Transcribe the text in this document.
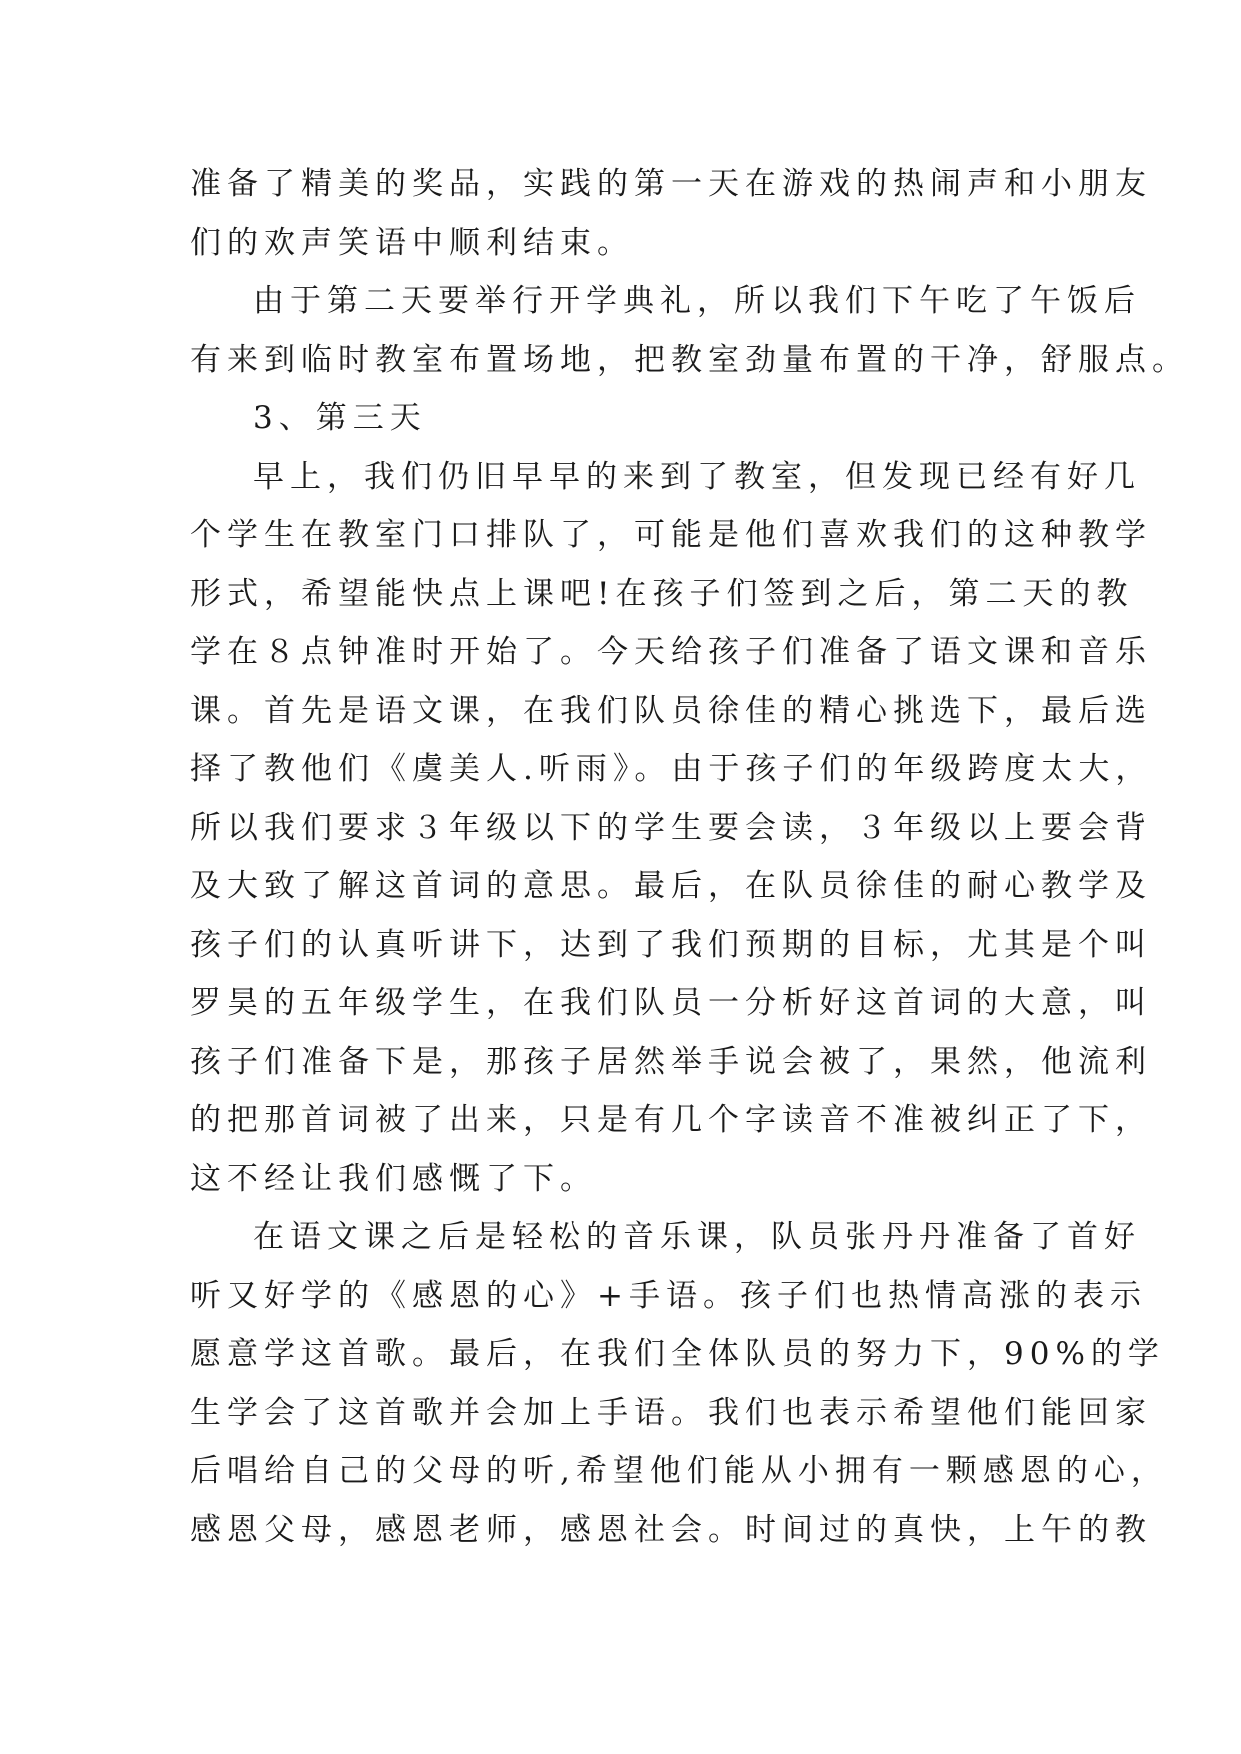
准备了精美的奖品，实践的第一天在游戏的热闹声和小朋友
们的欢声笑语中顺利结束。
由于第二天要举行开学典礼，所以我们下午吃了午饭后
有来到临时教室布置场地，把教室劲量布置的干净，舒服点。
3、第三天
早上，我们仍旧早早的来到了教室，但发现已经有好几
个学生在教室门口排队了，可能是他们喜欢我们的这种教学
形式，希望能快点上课吧!在孩子们签到之后，第二天的教
学在８点钟准时开始了。今天给孩子们准备了语文课和音乐
课。首先是语文课，在我们队员徐佳的精心挑选下，最后选
择了教他们《虞美人.听雨》。由于孩子们的年级跨度太大，
所以我们要求３年级以下的学生要会读，３年级以上要会背
及大致了解这首词的意思。最后，在队员徐佳的耐心教学及
孩子们的认真听讲下，达到了我们预期的目标，尤其是个叫
罗昊的五年级学生，在我们队员一分析好这首词的大意，叫
孩子们准备下是，那孩子居然举手说会被了，果然，他流利
的把那首词被了出来，只是有几个字读音不准被纠正了下，
这不经让我们感慨了下。
在语文课之后是轻松的音乐课，队员张丹丹准备了首好
听又好学的《感恩的心》+手语。孩子们也热情高涨的表示
愿意学这首歌。最后，在我们全体队员的努力下，90%的学
生学会了这首歌并会加上手语。我们也表示希望他们能回家
后唱给自己的父母的听,希望他们能从小拥有一颗感恩的心，
感恩父母，感恩老师，感恩社会。时间过的真快，上午的教
